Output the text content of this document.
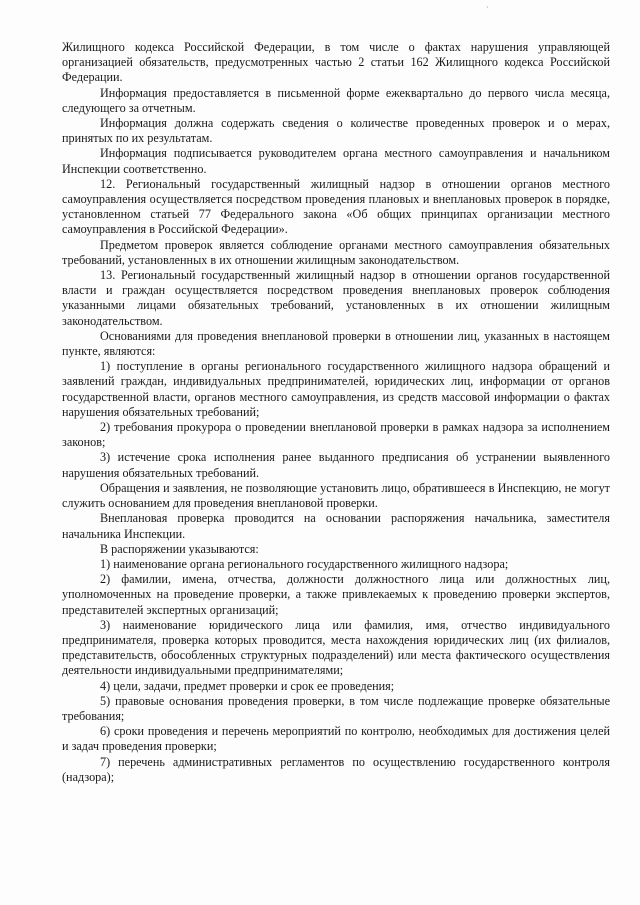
·

Жилищного кодекса Российской Федерации, в том числе о фактах нарушения управляющей организацией обязательств, предусмотренных частью 2 статьи 162 Жилищного кодекса Российской Федерации.

Информация предоставляется в письменной форме ежеквартально до первого числа месяца, следующего за отчетным.

Информация должна содержать сведения о количестве проведенных проверок и о мерах, принятых по их результатам.

Информация подписывается руководителем органа местного самоуправления и начальником Инспекции соответственно.

12. Региональный государственный жилищный надзор в отношении органов местного самоуправления осуществляется посредством проведения плановых и внеплановых проверок в порядке, установленном статьей 77 Федерального закона «Об общих принципах организации местного самоуправления в Российской Федерации».

Предметом проверок является соблюдение органами местного самоуправления обязательных требований, установленных в их отношении жилищным законодательством.

13. Региональный государственный жилищный надзор в отношении органов государственной власти и граждан осуществляется посредством проведения внеплановых проверок соблюдения указанными лицами обязательных требований, установленных в их отношении жилищным законодательством.

Основаниями для проведения внеплановой проверки в отношении лиц, указанных в настоящем пункте, являются:

1) поступление в органы регионального государственного жилищного надзора обращений и заявлений граждан, индивидуальных предпринимателей, юридических лиц, информации от органов государственной власти, органов местного самоуправления, из средств массовой информации о фактах нарушения обязательных требований;

2) требования прокурора о проведении внеплановой проверки в рамках надзора за исполнением законов;

3) истечение срока исполнения ранее выданного предписания об устранении выявленного нарушения обязательных требований.

Обращения и заявления, не позволяющие установить лицо, обратившееся в Инспекцию, не могут служить основанием для проведения внеплановой проверки.

Внеплановая проверка проводится на основании распоряжения начальника, заместителя начальника Инспекции.

В распоряжении указываются:

1) наименование органа регионального государственного жилищного надзора;

2) фамилии, имена, отчества, должности должностного лица или должностных лиц, уполномоченных на проведение проверки, а также привлекаемых к проведению проверки экспертов, представителей экспертных организаций;

3) наименование юридического лица или фамилия, имя, отчество индивидуального предпринимателя, проверка которых проводится, места нахождения юридических лиц (их филиалов, представительств, обособленных структурных подразделений) или места фактического осуществления деятельности индивидуальными предпринимателями;

4) цели, задачи, предмет проверки и срок ее проведения;

5) правовые основания проведения проверки, в том числе подлежащие проверке обязательные требования;

6) сроки проведения и перечень мероприятий по контролю, необходимых для достижения целей и задач проведения проверки;

7) перечень административных регламентов по осуществлению государственного контроля (надзора);
